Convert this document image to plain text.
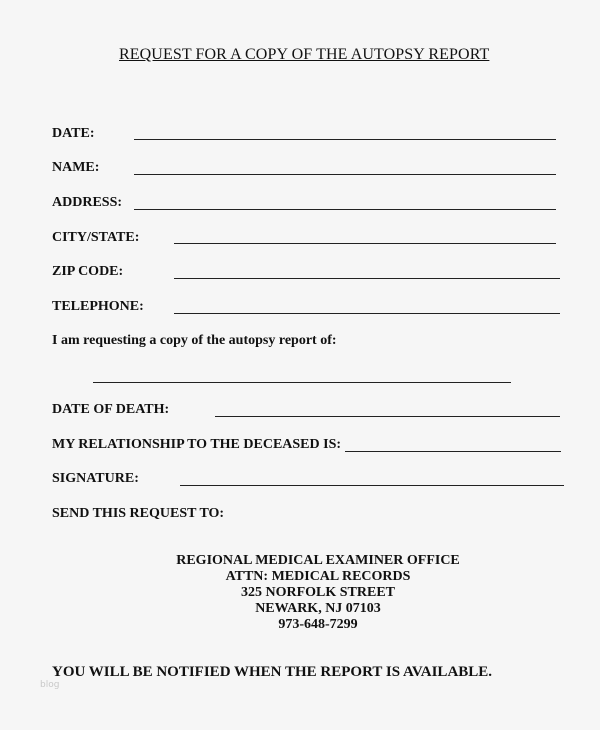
REQUEST FOR A COPY OF THE AUTOPSY REPORT
DATE:
NAME:
ADDRESS:
CITY/STATE:
ZIP CODE:
TELEPHONE:
I am requesting a copy of the autopsy report of:
DATE OF DEATH:
MY RELATIONSHIP TO THE DECEASED IS:
SIGNATURE:
SEND THIS REQUEST TO:
REGIONAL MEDICAL EXAMINER OFFICE
ATTN: MEDICAL RECORDS
325 NORFOLK STREET
NEWARK, NJ 07103
973-648-7299
YOU WILL BE NOTIFIED WHEN THE REPORT IS AVAILABLE.
blog
